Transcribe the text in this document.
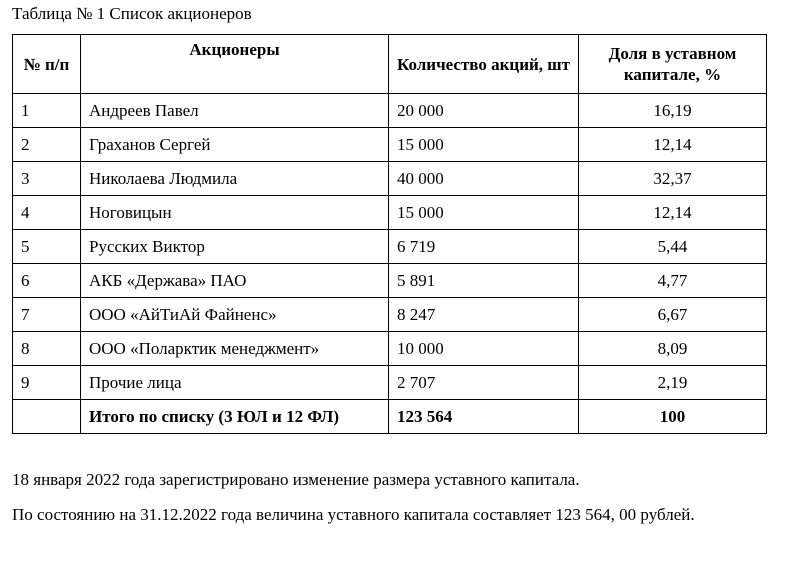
Таблица № 1 Список акционеров
№ п/п	Акционеры	Количество акций, шт	Доля в уставном капитале, %
1	Андреев Павел	20 000	16,19
2	Граханов Сергей	15 000	12,14
3	Николаева Людмила	40 000	32,37
4	Ноговицын	15 000	12,14
5	Русских Виктор	6 719	5,44
6	АКБ «Держава» ПАО	5 891	4,77
7	ООО «АйТиАй Файненс»	8 247	6,67
8	ООО «Поларктик менеджмент»	10 000	8,09
9	Прочие лица	2 707	2,19
	Итого по списку (3 ЮЛ и 12 ФЛ)	123 564	100
18 января 2022 года зарегистрировано изменение размера уставного капитала.
По состоянию на 31.12.2022 года величина уставного капитала составляет 123 564, 00 рублей.
